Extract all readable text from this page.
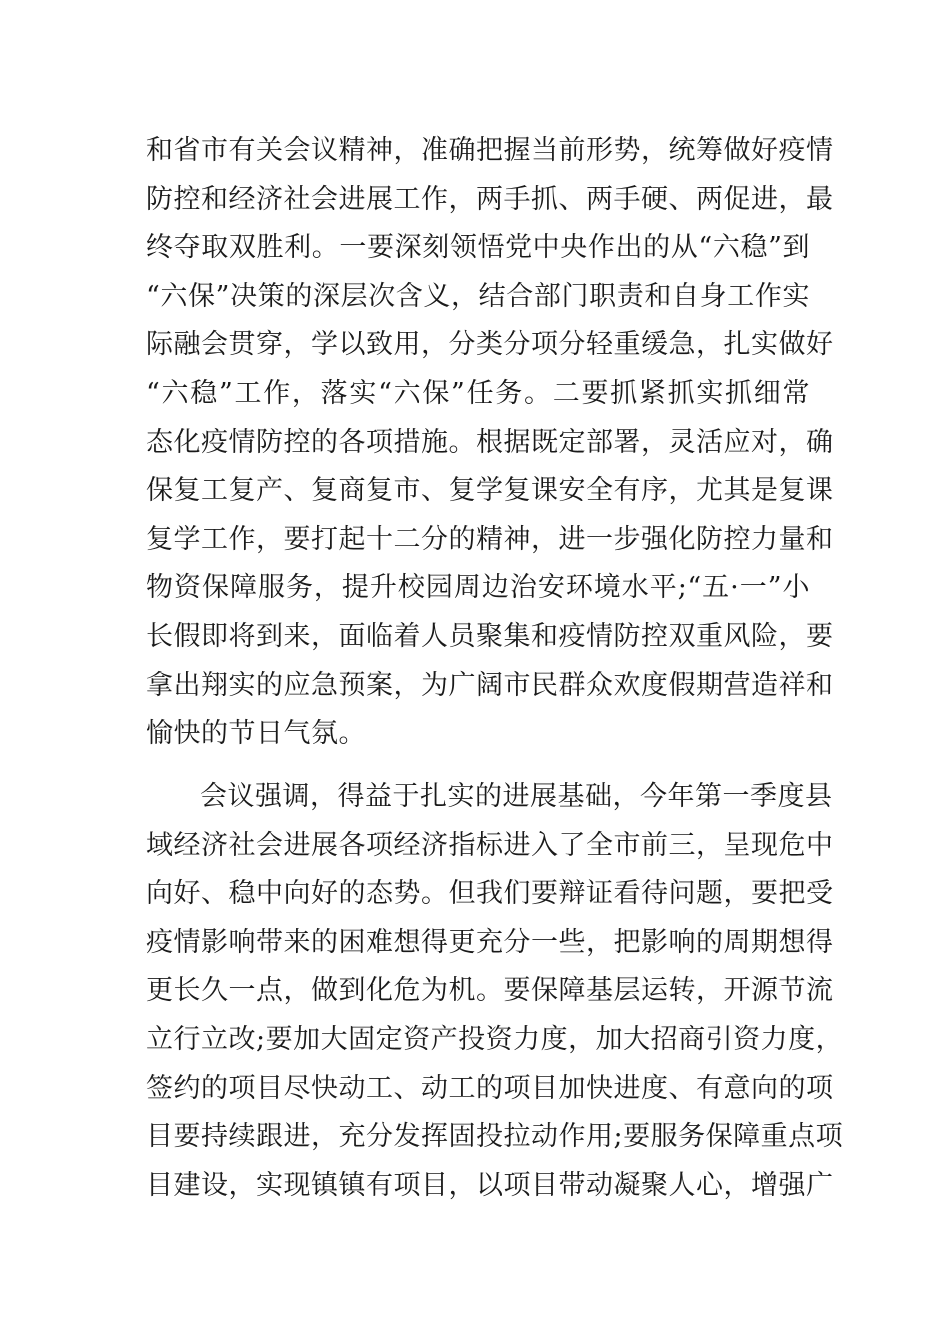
和省市有关会议精神，准确把握当前形势，统筹做好疫情
防控和经济社会进展工作，两手抓、两手硬、两促进，最
终夺取双胜利。一要深刻领悟党中央作出的从“六稳”到
“六保”决策的深层次含义，结合部门职责和自身工作实
际融会贯穿，学以致用，分类分项分轻重缓急，扎实做好
“六稳”工作，落实“六保”任务。二要抓紧抓实抓细常
态化疫情防控的各项措施。根据既定部署，灵活应对，确
保复工复产、复商复市、复学复课安全有序，尤其是复课
复学工作，要打起十二分的精神，进一步强化防控力量和
物资保障服务，提升校园周边治安环境水平;“五·一”小
长假即将到来，面临着人员聚集和疫情防控双重风险，要
拿出翔实的应急预案，为广阔市民群众欢度假期营造祥和
愉快的节日气氛。
会议强调，得益于扎实的进展基础，今年第一季度县
域经济社会进展各项经济指标进入了全市前三，呈现危中
向好、稳中向好的态势。但我们要辩证看待问题，要把受
疫情影响带来的困难想得更充分一些，把影响的周期想得
更长久一点，做到化危为机。要保障基层运转，开源节流
立行立改;要加大固定资产投资力度，加大招商引资力度，
签约的项目尽快动工、动工的项目加快进度、有意向的项
目要持续跟进，充分发挥固投拉动作用;要服务保障重点项
目建设，实现镇镇有项目，以项目带动凝聚人心，增强广
